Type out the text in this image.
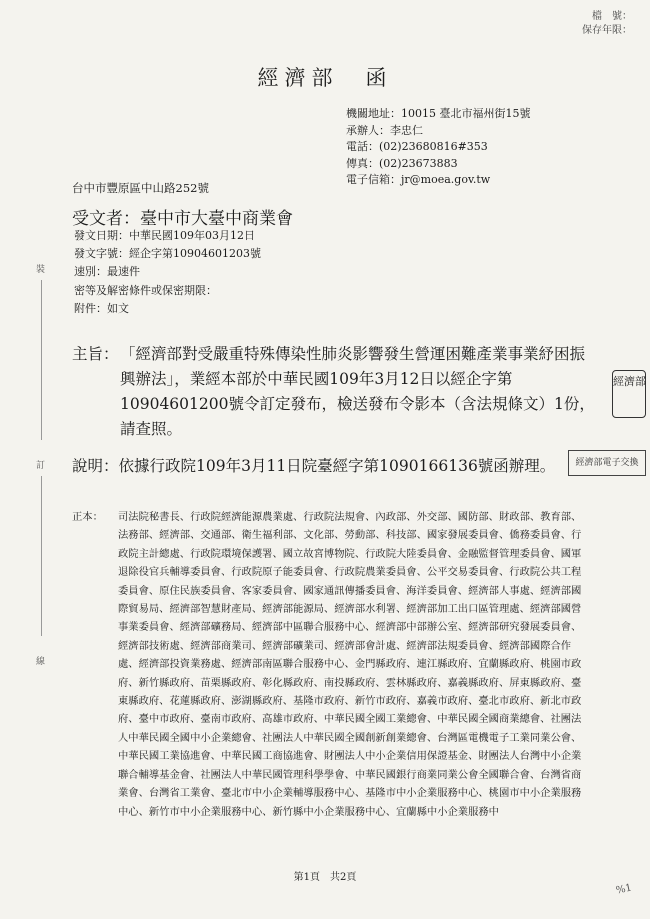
檔　號：
保存年限：
經濟部　函
機關地址：10015 臺北市福州街15號
承辦人：李忠仁
電話：(02)23680816#353
傳真：(02)23673883
電子信箱：jr@moea.gov.tw
台中市豐原區中山路252號
受文者：臺中市大臺中商業會
發文日期：中華民國109年03月12日
發文字號：經企字第10904601203號
速別：最速件
密等及解密條件或保密期限：
附件：如文
裝
訂
線
主旨： 「經濟部對受嚴重特殊傳染性肺炎影響發生營運困難產業事業紓困振興辦法」，業經本部於中華民國109年3月12日以經企字第10904601200號令訂定發布，檢送發布令影本（含法規條文）1份，請查照。
經濟部
說明：依據行政院109年3月11日院臺經字第1090166136號函辦理。	經濟部電子交換
正本： 司法院秘書長、行政院經濟能源農業處、行政院法規會、內政部、外交部、國防部、財政部、教育部、法務部、經濟部、交通部、衛生福利部、文化部、勞動部、科技部、國家發展委員會、僑務委員會、行政院主計總處、行政院環境保護署、國立故宮博物院、行政院大陸委員會、金融監督管理委員會、國軍退除役官兵輔導委員會、行政院原子能委員會、行政院農業委員會、公平交易委員會、行政院公共工程委員會、原住民族委員會、客家委員會、國家通訊傳播委員會、海洋委員會、經濟部人事處、經濟部國際貿易局、經濟部智慧財產局、經濟部能源局、經濟部水利署、經濟部加工出口區管理處、經濟部國營事業委員會、經濟部礦務局、經濟部中區聯合服務中心、經濟部中部辦公室、經濟部研究發展委員會、經濟部技術處、經濟部商業司、經濟部礦業司、經濟部會計處、經濟部法規委員會、經濟部國際合作處、經濟部投資業務處、經濟部南區聯合服務中心、金門縣政府、連江縣政府、宜蘭縣政府、桃園市政府、新竹縣政府、苗栗縣政府、彰化縣政府、南投縣政府、雲林縣政府、嘉義縣政府、屏東縣政府、臺東縣政府、花蓮縣政府、澎湖縣政府、基隆市政府、新竹市政府、嘉義市政府、臺北市政府、新北市政府、臺中市政府、臺南市政府、高雄市政府、中華民國全國工業總會、中華民國全國商業總會、社團法人中華民國全國中小企業總會、社團法人中華民國全國創新創業總會、台灣區電機電子工業同業公會、中華民國工業協進會、中華民國工商協進會、財團法人中小企業信用保證基金、財團法人台灣中小企業聯合輔導基金會、社團法人中華民國管理科學學會、中華民國銀行商業同業公會全國聯合會、台灣省商業會、台灣省工業會、臺北市中小企業輔導服務中心、基隆市中小企業服務中心、桃園市中小企業服務中心、新竹市中小企業服務中心、新竹縣中小企業服務中心、宜蘭縣中小企業服務中
第1頁　共2頁
%1
